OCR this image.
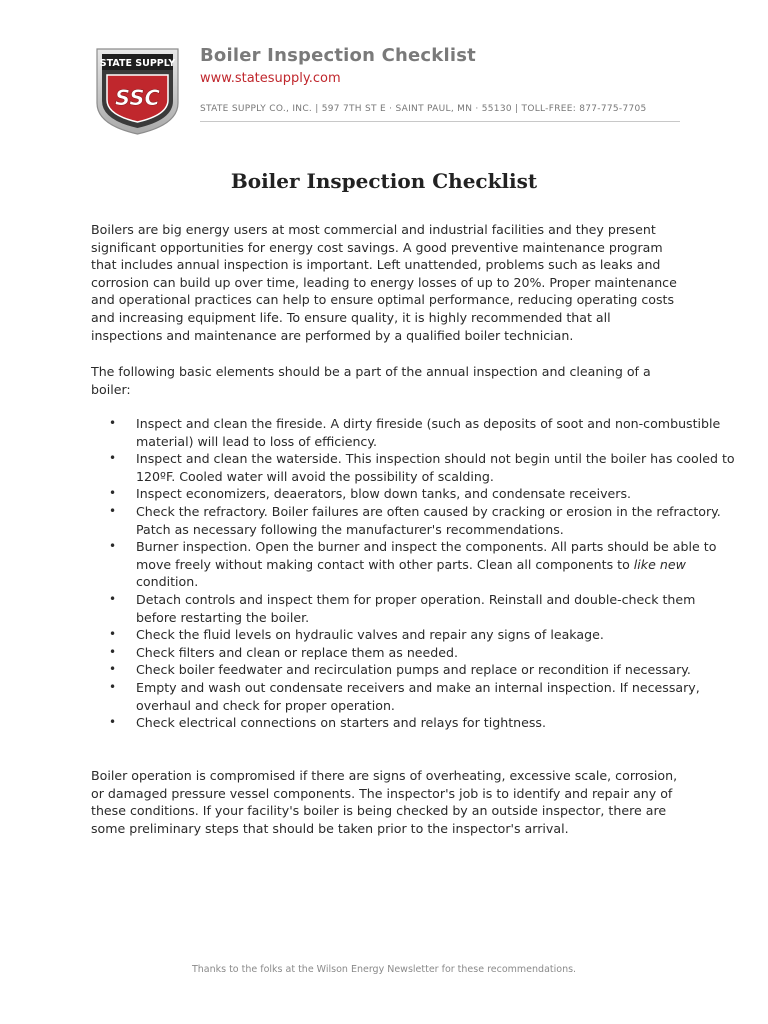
STATE SUPPLY
SSC
Boiler Inspection Checklist
www.statesupply.com
STATE SUPPLY CO., INC. | 597 7TH ST E · SAINT PAUL, MN · 55130 | TOLL-FREE: 877-775-7705
Boiler Inspection Checklist

Boilers are big energy users at most commercial and industrial facilities and they present significant opportunities for energy cost savings. A good preventive maintenance program that includes annual inspection is important. Left unattended, problems such as leaks and corrosion can build up over time, leading to energy losses of up to 20%. Proper maintenance and operational practices can help to ensure optimal performance, reducing operating costs and increasing equipment life. To ensure quality, it is highly recommended that all inspections and maintenance are performed by a qualified boiler technician.

The following basic elements should be a part of the annual inspection and cleaning of a boiler:

• Inspect and clean the fireside. A dirty fireside (such as deposits of soot and non-combustible material) will lead to loss of efficiency.
• Inspect and clean the waterside. This inspection should not begin until the boiler has cooled to 120ºF. Cooled water will avoid the possibility of scalding.
• Inspect economizers, deaerators, blow down tanks, and condensate receivers.
• Check the refractory. Boiler failures are often caused by cracking or erosion in the refractory. Patch as necessary following the manufacturer's recommendations.
• Burner inspection. Open the burner and inspect the components. All parts should be able to move freely without making contact with other parts. Clean all components to like new condition.
• Detach controls and inspect them for proper operation. Reinstall and double-check them before restarting the boiler.
• Check the fluid levels on hydraulic valves and repair any signs of leakage.
• Check filters and clean or replace them as needed.
• Check boiler feedwater and recirculation pumps and replace or recondition if necessary.
• Empty and wash out condensate receivers and make an internal inspection. If necessary, overhaul and check for proper operation.
• Check electrical connections on starters and relays for tightness.

Boiler operation is compromised if there are signs of overheating, excessive scale, corrosion, or damaged pressure vessel components. The inspector's job is to identify and repair any of these conditions. If your facility's boiler is being checked by an outside inspector, there are some preliminary steps that should be taken prior to the inspector's arrival.

Thanks to the folks at the Wilson Energy Newsletter for these recommendations.
